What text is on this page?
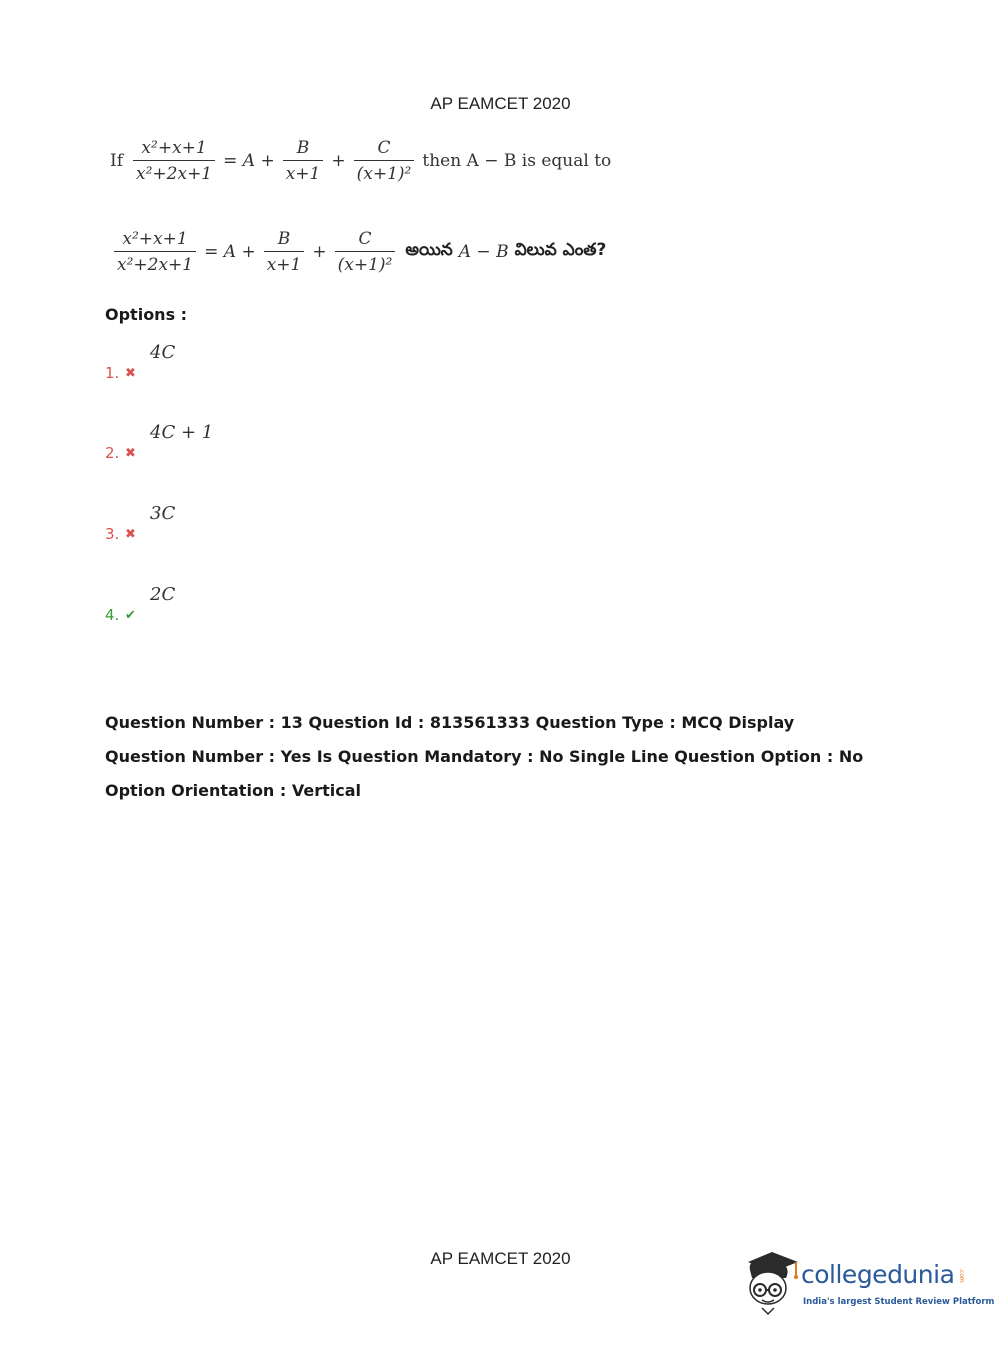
AP EAMCET 2020
If $\frac{\text{x²+x+1}}{\text{x²+2x+1}} = A + \frac{B}{x+1} + \frac{C}{\text{(x+1)²}}$ then A − B is equal to
$\frac{\text{x²+x+1}}{\text{x²+2x+1}} = A + \frac{B}{x+1} + \frac{C}{\text{(x+1)²}}$ అయిన A − B విలువ ఎంత?
Options :
1. ✖
4C
2. ✖
4C + 1
3. ✖
3C
4. ✔
2C
Question Number : 13 Question Id : 813561333 Question Type : MCQ Display Question Number : Yes Is Question Mandatory : No Single Line Question Option : No Option Orientation : Vertical
AP EAMCET 2020
collegedunia .com
India's largest Student Review Platform
